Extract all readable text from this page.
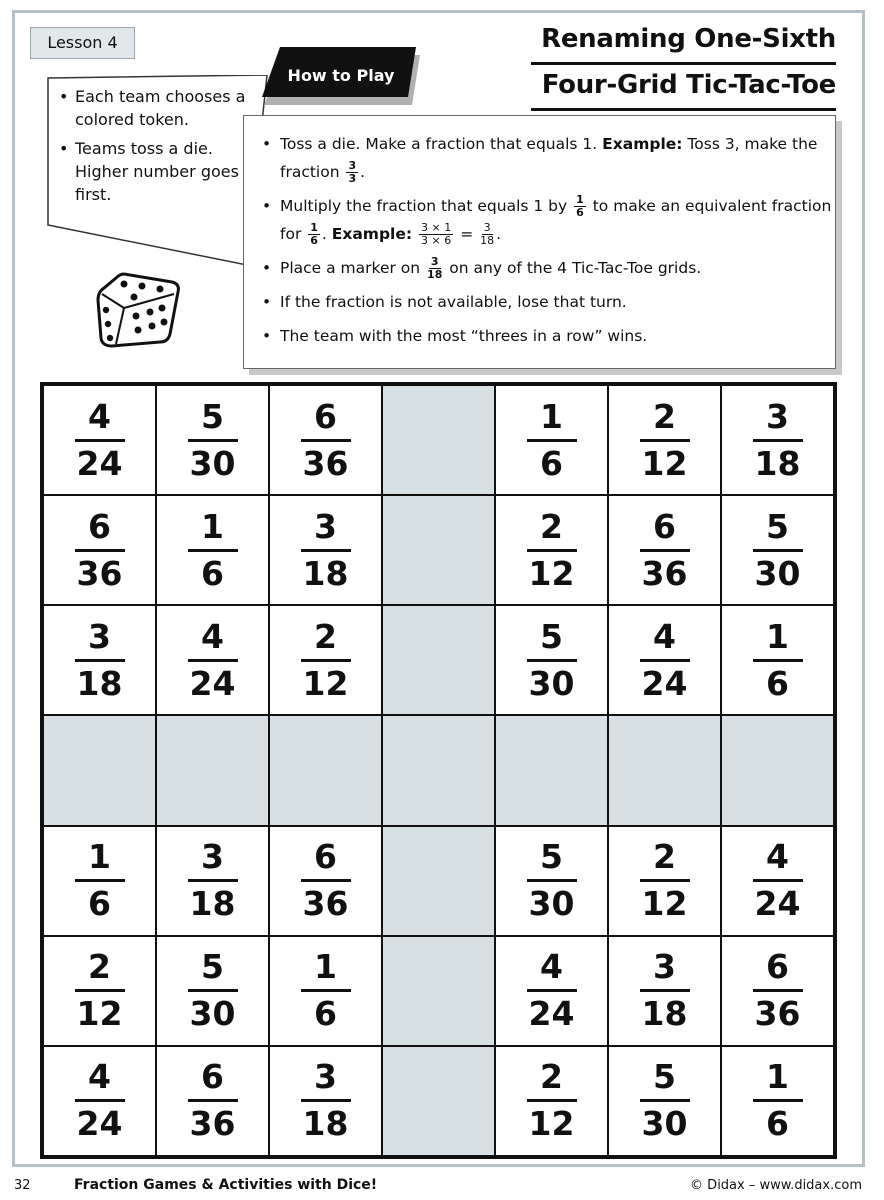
Lesson 4	Renaming One-Sixth
Four-Grid Tic-Tac-Toe
• Each team chooses a colored token.
• Teams toss a die. Higher number goes first.
How to Play
• Toss a die. Make a fraction that equals 1. Example: Toss 3, make the fraction $\frac{3}{3}$ .
• Multiply the fraction that equals 1 by $\frac{1}{6}$ to make an equivalent fraction for $\frac{1}{6}$ . Example: $\frac{3 \times 1}{3 \times 6} = \frac{3}{18}$ .
• Place a marker on $\frac{3}{18}$ on any of the 4 Tic-Tac-Toe grids.
• If the fraction is not available, lose that turn.
• The team with the most “threes in a row” wins.
$\frac{4}{24} \frac{5}{30} \frac{6}{36}$	$\frac{1}{6} \frac{2}{12} \frac{3}{18}$
$\frac{6}{36} \frac{1}{6} \frac{3}{18}$	$\frac{2}{12} \frac{6}{36} \frac{5}{30}$
$\frac{3}{18} \frac{4}{24} \frac{2}{12}$	$\frac{5}{30} \frac{4}{24} \frac{1}{6}$
$\frac{1}{6} \frac{3}{18} \frac{6}{36}$	$\frac{5}{30} \frac{2}{12} \frac{4}{24}$
$\frac{2}{12} \frac{5}{30} \frac{1}{6}$	$\frac{4}{24} \frac{3}{18} \frac{6}{36}$
$\frac{4}{24} \frac{6}{36} \frac{3}{18}$	$\frac{2}{12} \frac{5}{30} \frac{1}{6}$
32	Fraction Games & Activities with Dice!	© Didax – www.didax.com
